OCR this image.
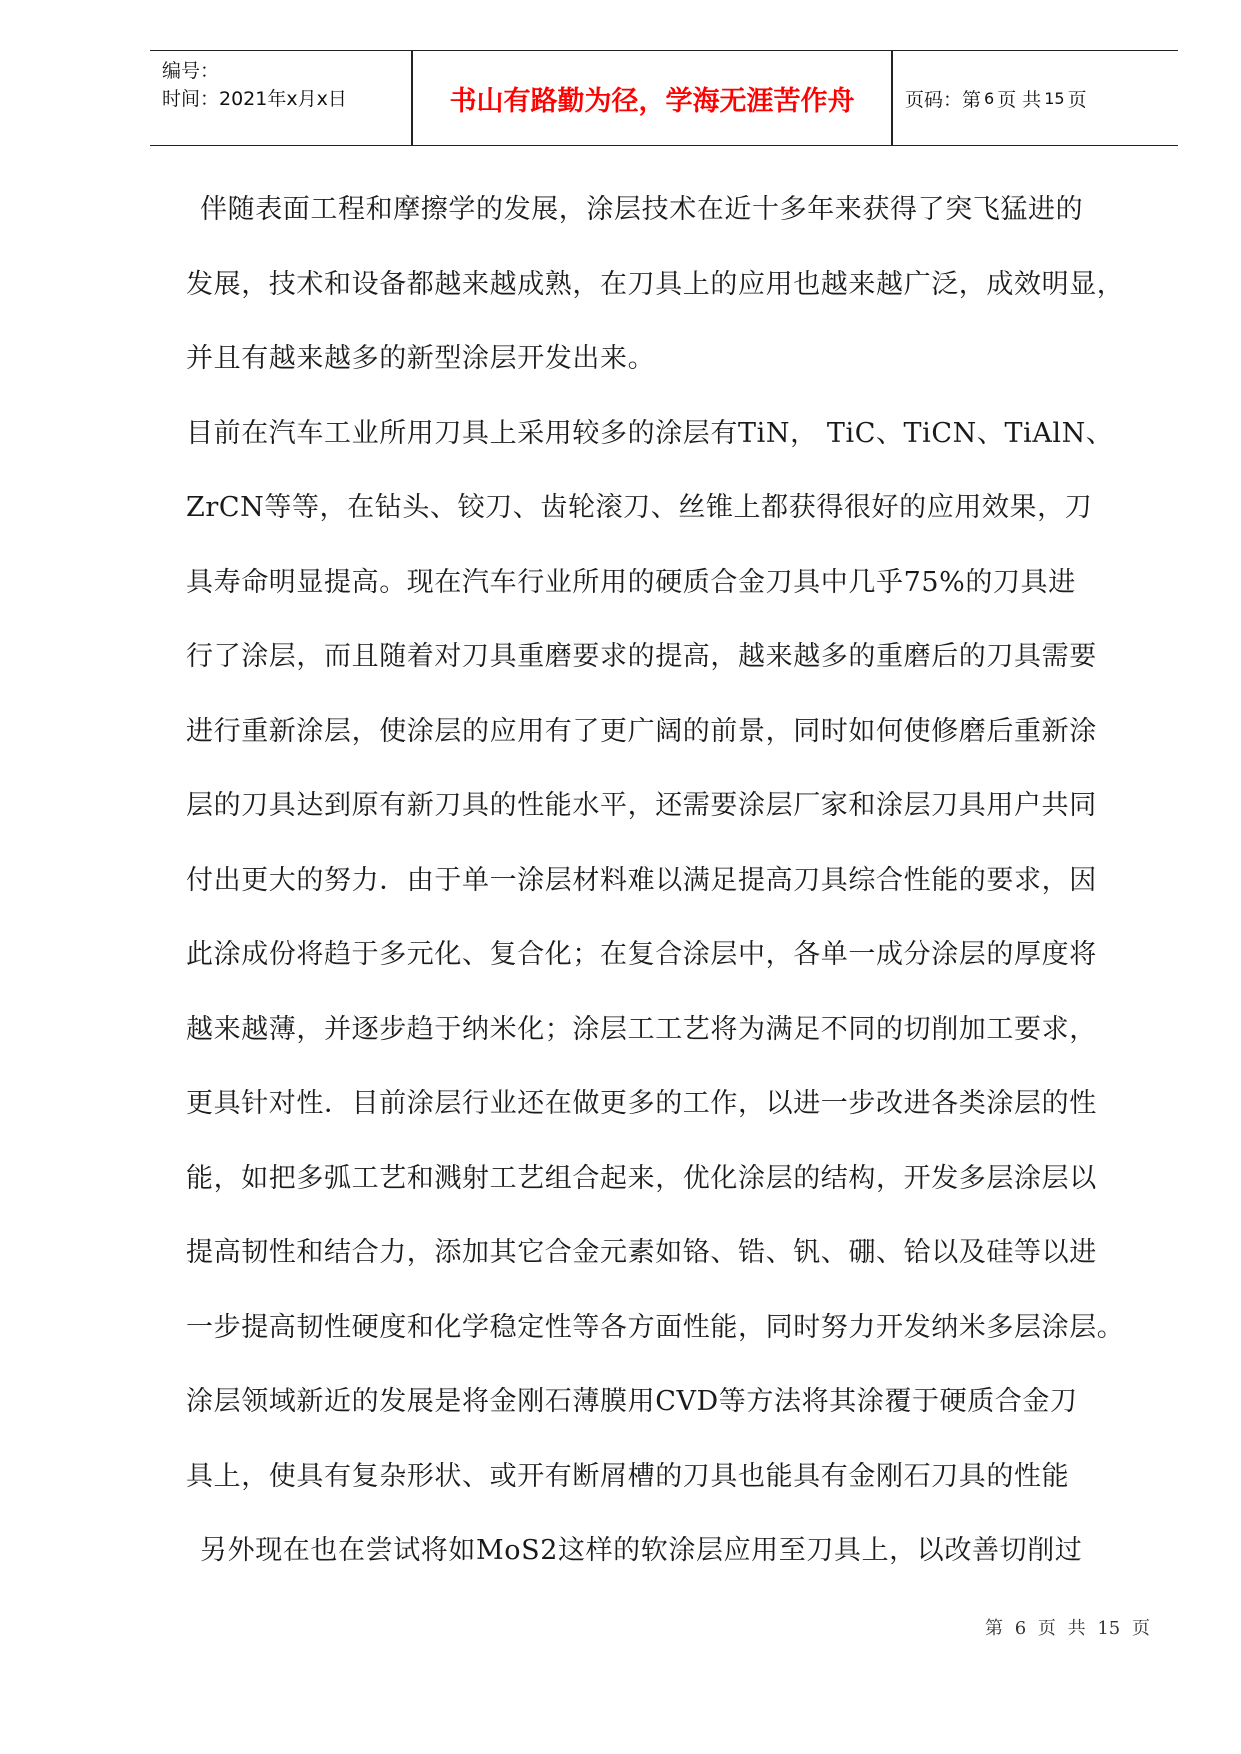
编号：
时间：2021年x月x日	书山有路勤为径，学海无涯苦作舟	页码：第 6 页 共 15 页
伴随表面工程和摩擦学的发展，涂层技术在近十多年来获得了突飞猛进的
发展，技术和设备都越来越成熟，在刀具上的应用也越来越广泛，成效明显，
并且有越来越多的新型涂层开发出来。
目前在汽车工业所用刀具上采用较多的涂层有TiN， TiC、TiCN、TiAlN、
ZrCN等等，在钻头、铰刀、齿轮滚刀、丝锥上都获得很好的应用效果，刀
具寿命明显提高。现在汽车行业所用的硬质合金刀具中几乎75%的刀具进
行了涂层，而且随着对刀具重磨要求的提高，越来越多的重磨后的刀具需要
进行重新涂层，使涂层的应用有了更广阔的前景，同时如何使修磨后重新涂
层的刀具达到原有新刀具的性能水平，还需要涂层厂家和涂层刀具用户共同
付出更大的努力．由于单一涂层材料难以满足提高刀具综合性能的要求，因
此涂成份将趋于多元化、复合化；在复合涂层中，各单一成分涂层的厚度将
越来越薄，并逐步趋于纳米化；涂层工工艺将为满足不同的切削加工要求，
更具针对性．目前涂层行业还在做更多的工作，以进一步改进各类涂层的性
能，如把多弧工艺和溅射工艺组合起来，优化涂层的结构，开发多层涂层以
提高韧性和结合力，添加其它合金元素如铬、锆、钒、硼、铪以及硅等以进
一步提高韧性硬度和化学稳定性等各方面性能，同时努力开发纳米多层涂层。
涂层领域新近的发展是将金刚石薄膜用CVD等方法将其涂覆于硬质合金刀
具上，使具有复杂形状、或开有断屑槽的刀具也能具有金刚石刀具的性能
另外现在也在尝试将如MoS2这样的软涂层应用至刀具上，以改善切削过
第 6 页 共 15 页
